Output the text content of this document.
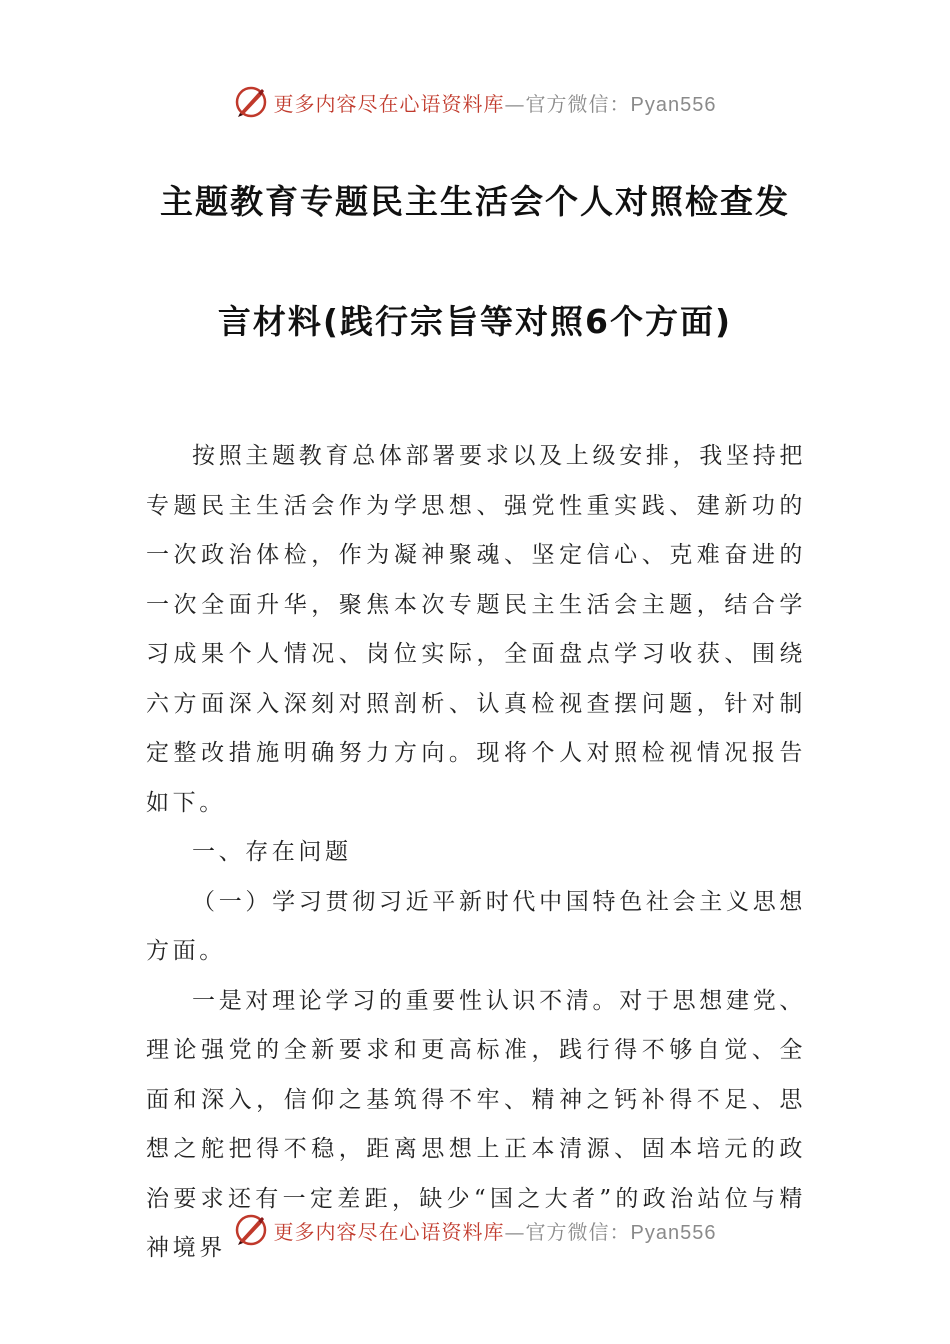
更多内容尽在心语资料库—官方微信：Pyan556
主题教育专题民主生活会个人对照检查发
言材料(践行宗旨等对照6个方面)

按照主题教育总体部署要求以及上级安排，我坚持把专题民主生活会作为学思想、强党性重实践、建新功的一次政治体检，作为凝神聚魂、坚定信心、克难奋进的一次全面升华，聚焦本次专题民主生活会主题，结合学习成果个人情况、岗位实际，全面盘点学习收获、围绕六方面深入深刻对照剖析、认真检视查摆问题，针对制定整改措施明确努力方向。现将个人对照检视情况报告如下。

一、存在问题

（一）学习贯彻习近平新时代中国特色社会主义思想方面。

一是对理论学习的重要性认识不清。对于思想建党、理论强党的全新要求和更高标准，践行得不够自觉、全面和深入，信仰之基筑得不牢、精神之钙补得不足、思想之舵把得不稳，距离思想上正本清源、固本培元的政治要求还有一定差距，缺少“国之大者”的政治站位与精神境界

更多内容尽在心语资料库—官方微信：Pyan556
